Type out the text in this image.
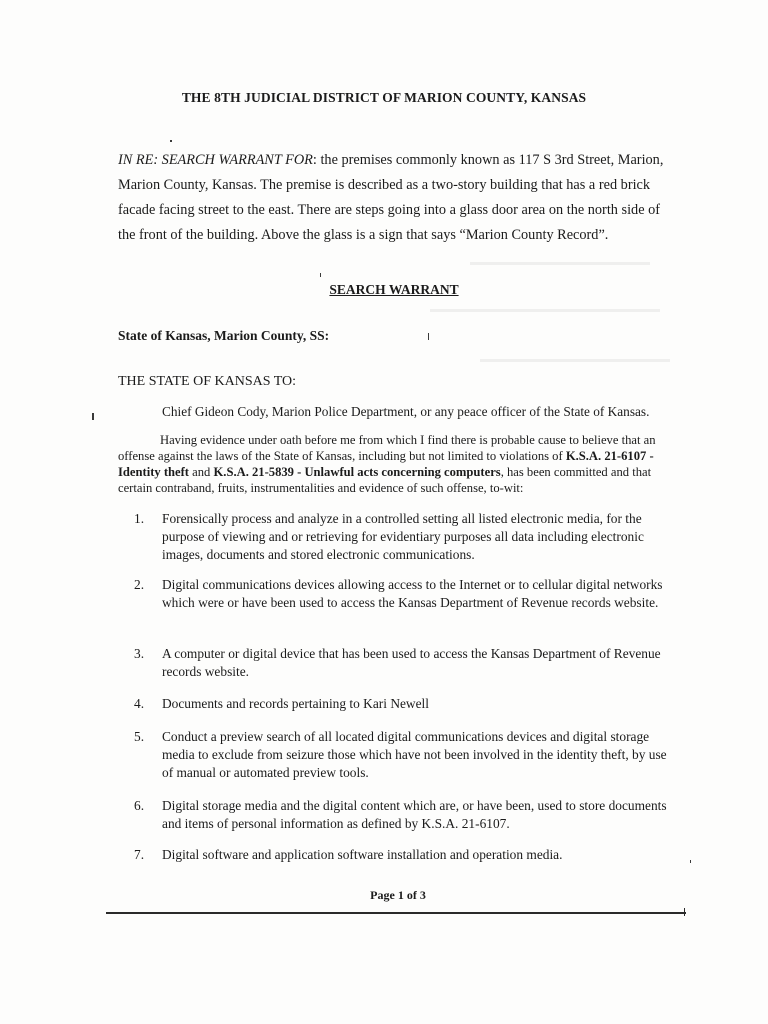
THE 8TH JUDICIAL DISTRICT OF MARION COUNTY, KANSAS
IN RE: SEARCH WARRANT FOR: the premises commonly known as 117 S 3rd Street, Marion, Marion County, Kansas. The premise is described as a two-story building that has a red brick facade facing street to the east. There are steps going into a glass door area on the north side of the front of the building. Above the glass is a sign that says “Marion County Record”.
SEARCH WARRANT
State of Kansas, Marion County, SS:
THE STATE OF KANSAS TO:
Chief Gideon Cody, Marion Police Department, or any peace officer of the State of Kansas.
Having evidence under oath before me from which I find there is probable cause to believe that an offense against the laws of the State of Kansas, including but not limited to violations of K.S.A. 21-6107 - Identity theft and K.S.A. 21-5839 - Unlawful acts concerning computers, has been committed and that certain contraband, fruits, instrumentalities and evidence of such offense, to-wit:
1.	Forensically process and analyze in a controlled setting all listed electronic media, for the purpose of viewing and or retrieving for evidentiary purposes all data including electronic images, documents and stored electronic communications.
2.	Digital communications devices allowing access to the Internet or to cellular digital networks which were or have been used to access the Kansas Department of Revenue records website.
3.	A computer or digital device that has been used to access the Kansas Department of Revenue records website.
4.	Documents and records pertaining to Kari Newell
5.	Conduct a preview search of all located digital communications devices and digital storage media to exclude from seizure those which have not been involved in the identity theft, by use of manual or automated preview tools.
6.	Digital storage media and the digital content which are, or have been, used to store documents and items of personal information as defined by K.S.A. 21-6107.
7.	Digital software and application software installation and operation media.
Page 1 of 3
